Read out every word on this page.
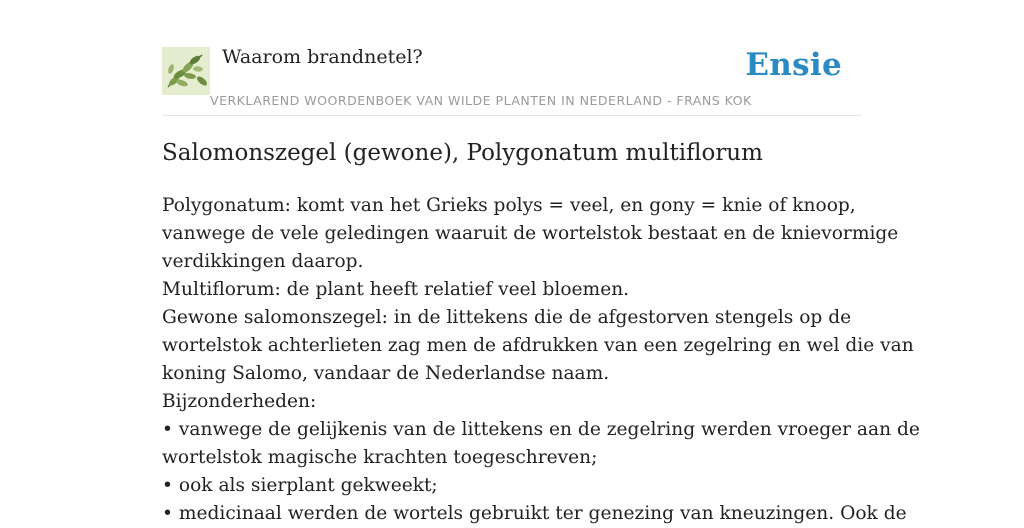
Waarom brandnetel?	Ensie
VERKLAREND WOORDENBOEK VAN WILDE PLANTEN IN NEDERLAND - FRANS KOK
Salomonszegel (gewone), Polygonatum multiflorum
Polygonatum: komt van het Grieks polys = veel, en gony = knie of knoop,
vanwege de vele geledingen waaruit de wortelstok bestaat en de knievormige
verdikkingen daarop.
Multiflorum: de plant heeft relatief veel bloemen.
Gewone salomonszegel: in de littekens die de afgestorven stengels op de
wortelstok achterlieten zag men de afdrukken van een zegelring en wel die van
koning Salomo, vandaar de Nederlandse naam.
Bijzonderheden:
• vanwege de gelijkenis van de littekens en de zegelring werden vroeger aan de
wortelstok magische krachten toegeschreven;
• ook als sierplant gekweekt;
• medicinaal werden de wortels gebruikt ter genezing van kneuzingen. Ook de
